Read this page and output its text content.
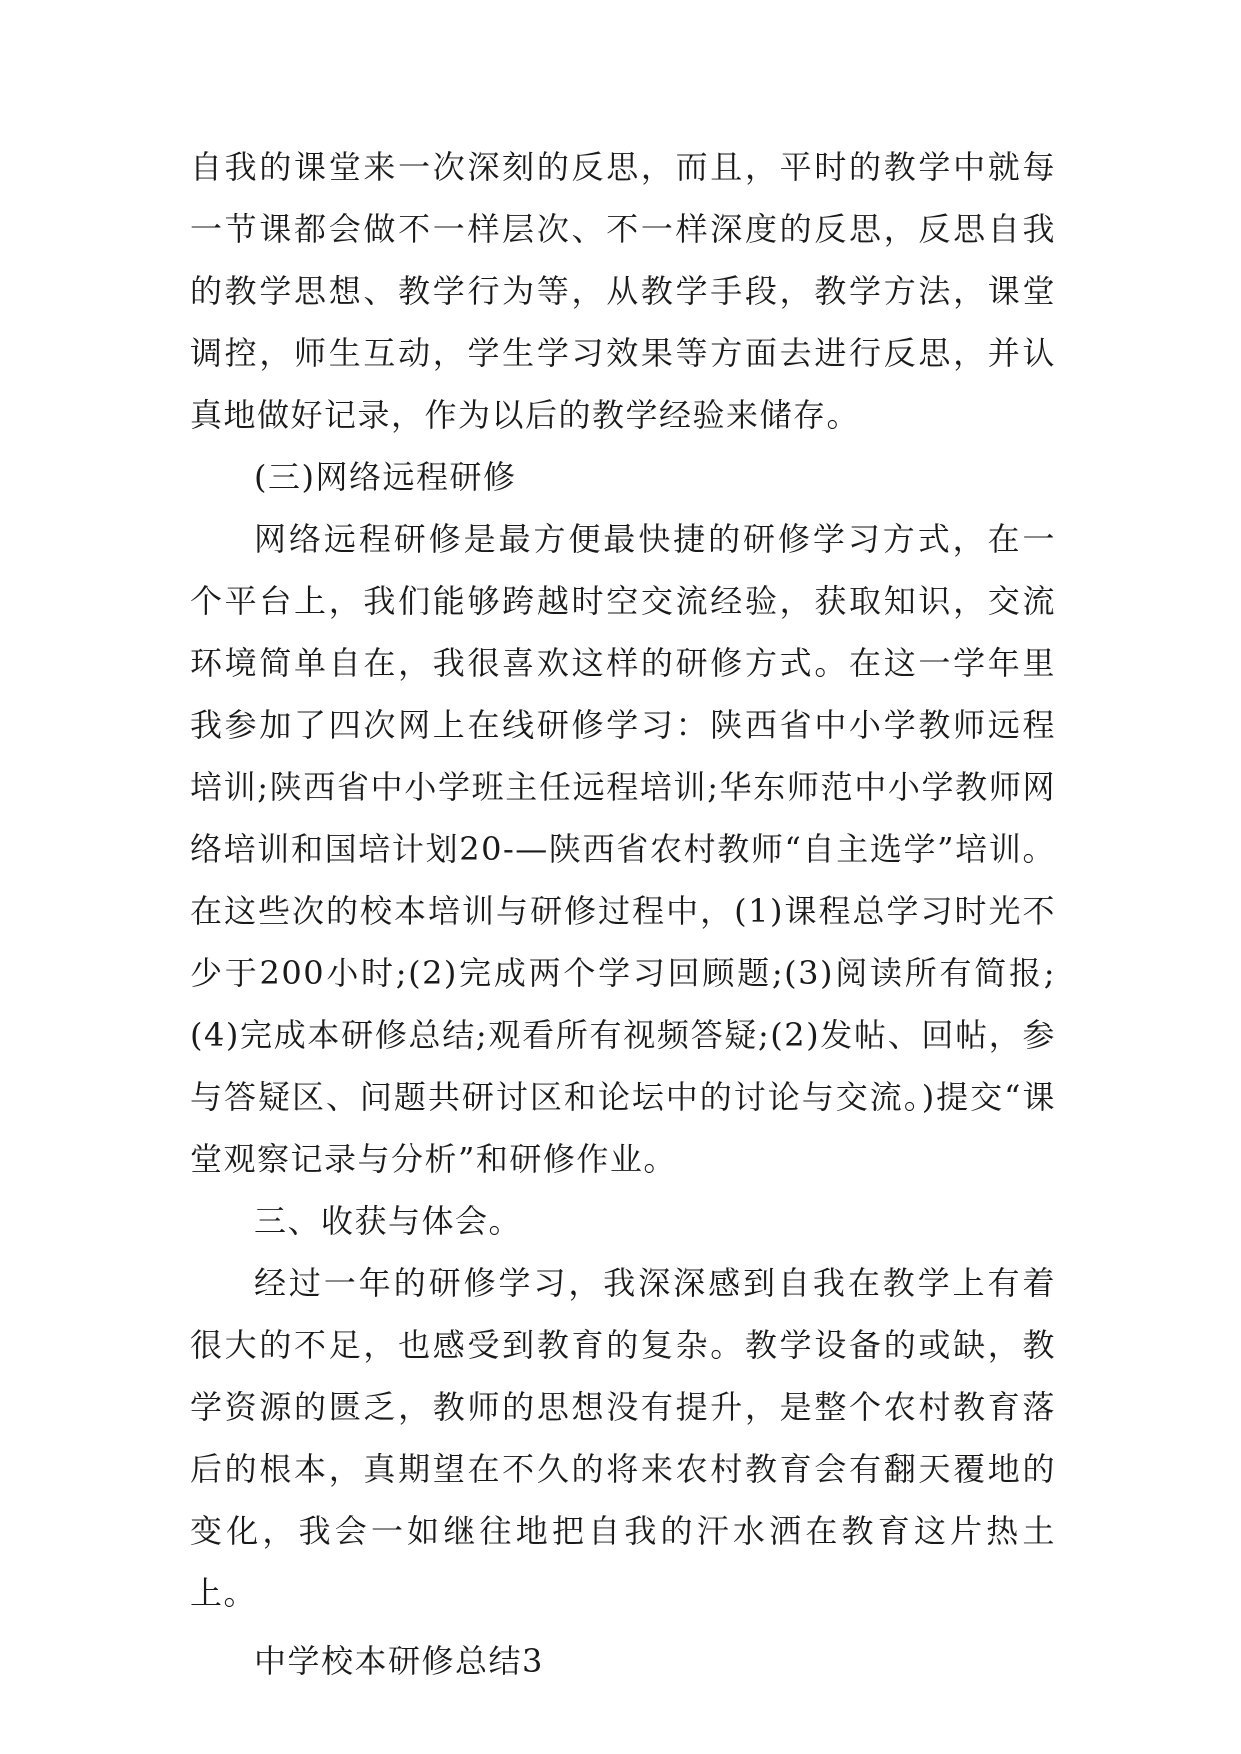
自我的课堂来一次深刻的反思，而且，平时的教学中就每一节课都会做不一样层次、不一样深度的反思，反思自我的教学思想、教学行为等，从教学手段，教学方法，课堂调控，师生互动，学生学习效果等方面去进行反思，并认真地做好记录，作为以后的教学经验来储存。

(三)网络远程研修

网络远程研修是最方便最快捷的研修学习方式，在一个平台上，我们能够跨越时空交流经验，获取知识，交流环境简单自在，我很喜欢这样的研修方式。在这一学年里我参加了四次网上在线研修学习：陕西省中小学教师远程培训;陕西省中小学班主任远程培训;华东师范中小学教师网络培训和国培计划20-—陕西省农村教师“自主选学”培训。在这些次的校本培训与研修过程中，(1)课程总学习时光不少于200小时;(2)完成两个学习回顾题;(3)阅读所有简报;(4)完成本研修总结;观看所有视频答疑;(2)发帖、回帖，参与答疑区、问题共研讨区和论坛中的讨论与交流。)提交“课堂观察记录与分析”和研修作业。

三、收获与体会。

经过一年的研修学习，我深深感到自我在教学上有着很大的不足，也感受到教育的复杂。教学设备的或缺，教学资源的匮乏，教师的思想没有提升，是整个农村教育落后的根本，真期望在不久的将来农村教育会有翻天覆地的变化，我会一如继往地把自我的汗水洒在教育这片热土上。

中学校本研修总结3
